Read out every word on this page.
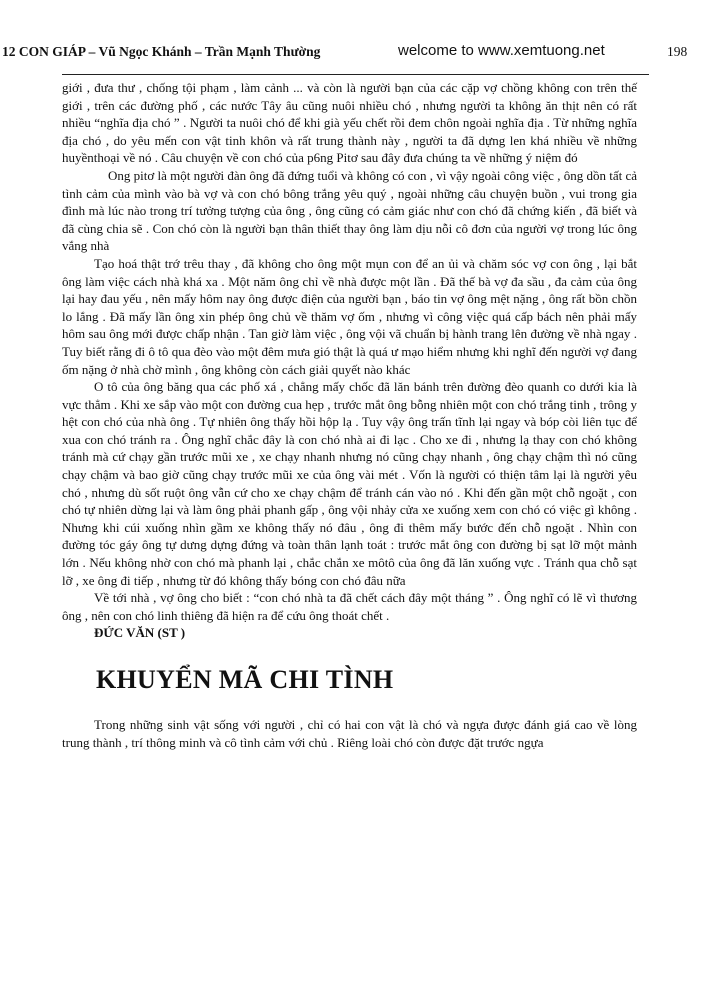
12 CON GIÁP – Vũ Ngọc Khánh – Trần Mạnh Thường	welcome to www.xemtuong.net	198

giới , đưa thư , chống tội phạm , làm cảnh ... và còn là người bạn của các cặp vợ chồng không con trên thế giới , trên các đường phố , các nước Tây âu cũng nuôi nhiều chó , nhưng người ta không ăn thịt nên có rất nhiều “nghĩa địa chó ” . Người ta nuôi chó để khi già yếu chết rồi đem chôn ngoài nghĩa địa . Từ những nghĩa địa chó , do yêu mến con vật tinh khôn và rất trung thành này , người ta đã dựng len khá nhiều về những huyềnthoại về nó . Câu chuyện về con chó của p6ng Pitơ sau đây đưa chúng ta về những ý niệm đó

Ong pitơ là một người đàn ông đã đứng tuổi và không có con , vì vậy ngoài công việc , ông dồn tất cả tình cảm của mình vào bà vợ và con chó bông trắng yêu quý , ngoài những câu chuyện buồn , vui trong gia đình mà lúc nào trong trí tưởng tượng của ông , ông cũng có cảm giác như con chó đã chứng kiến , đã biết và đã cùng chia sẽ . Con chó còn là người bạn thân thiết thay ông làm dịu nỗi cô đơn của người vợ trong lúc ông vắng nhà

Tạo hoá thật trớ trêu thay , đã không cho ông một mụn con để an ủi và chăm sóc vợ con ông , lại bắt ông làm việc cách nhà khá xa . Một năm ông chỉ về nhà được một lần . Đã thế bà vợ đa sầu , đa cảm của ông lại hay đau yếu , nên mấy hôm nay ông được điện của người bạn , báo tin vợ ông mệt nặng , ông rất bồn chồn lo lắng . Đã mấy lần ông xin phép ông chủ về thăm vợ ốm , nhưng vì công việc quá cấp bách nên phải mấy hôm sau ông mới được chấp nhận . Tan giờ làm việc , ông vội vã chuẩn bị hành trang lên đường về nhà ngay . Tuy biết rằng đi ô tô qua đèo vào một đêm mưa gió thật là quá ư mạo hiểm nhưng khi nghĩ đến người vợ đang ốm nặng ở nhà chờ mình , ông không còn cách giải quyết nào khác

O tô của ông băng qua các phố xá , chẳng mấy chốc đã lăn bánh trên đường đèo quanh co dưới kia là vực thẳm . Khi xe sắp vào một con đường cua hẹp , trước mắt ông bỗng nhiên một con chó trắng tinh , trông y hệt con chó của nhà ông . Tự nhiên ông thấy hồi hộp lạ . Tuy vậy ông trấn tĩnh lại ngay và bóp còi liên tục để xua con chó tránh ra . Ông nghĩ chắc đây là con chó nhà ai đi lạc . Cho xe đi , nhưng lạ thay con chó không tránh mà cứ chạy gần trước mũi xe , xe chạy nhanh nhưng nó cũng chạy nhanh , ông chạy chậm thì nó cũng chạy chậm và bao giờ cũng chạy trước mũi xe của ông vài mét . Vốn là người có thiện tâm lại là người yêu chó , nhưng dù sốt ruột ông vẫn cứ cho xe chạy chậm để tránh cán vào nó . Khi đến gần một chỗ ngoặt , con chó tự nhiên dừng lại và làm ông phải phanh gấp , ông vội nhảy cửa xe xuống xem con chó có việc gì không . Nhưng khi cúi xuống nhìn gầm xe không thấy nó đâu , ông đi thêm mấy bước đến chỗ ngoặt . Nhìn con đường tóc gáy ông tự dưng dựng đứng và toàn thân lạnh toát : trước mắt ông con đường bị sạt lỡ một mảnh lớn . Nếu không nhờ con chó mà phanh lại , chắc chắn xe môtô của ông đã lăn xuống vực . Tránh qua chỗ sạt lỡ , xe ông đi tiếp , nhưng từ đó không thấy bóng con chó đâu nữa

Về tới nhà , vợ ông cho biết : “con chó nhà ta đã chết cách đây một tháng ” . Ông nghĩ có lẽ vì thương ông , nên con chó linh thiêng đã hiện ra để cứu ông thoát chết .

ĐỨC VĂN (ST )

KHUYỂN MÃ CHI TÌNH

Trong những sinh vật sống với người , chỉ có hai con vật là chó và ngựa được đánh giá cao về lòng trung thành , trí thông minh và cô tình cảm với chủ . Riêng loài chó còn được đặt trước ngựa
